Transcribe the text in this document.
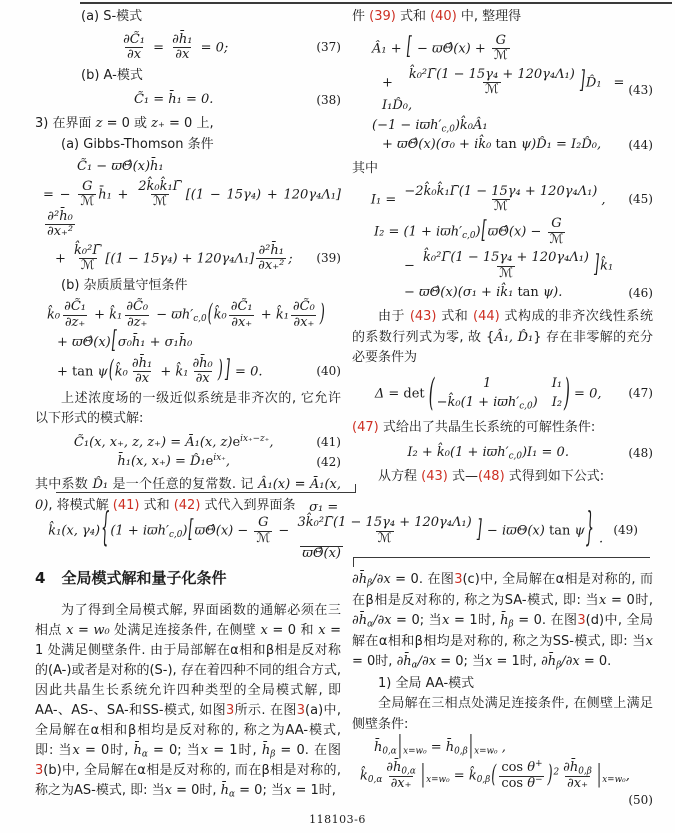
(a) S-模式
$\frac{\text{∂C̃₁}}{\partial x} = \frac{\text{∂h̄₁}}{\partial x} = 0$;	(37)
(b) A-模式
C̃₁ = h̄₁ = 0.	(38)
3) 在界面 z = 0 或 z₊ = 0 上,
(a) Gibbs-Thomson 条件
C̃₁ − ϖΘ̂(x)h̄₁
= −
G
ℳ h̄₁ +
2k̂₀k̂₁Γ̄
ℳ [(1 − 15γ₄) + 120γ₄Λ₁]
$\frac{\text{∂²h̄₀}}{\text{∂x₊²}}$
+
k̂₀²Γ̄
ℳ $[(1 - 15\gamma_4) + 120\gamma_4\Lambda_1] \frac{\text{∂²h̄₁}}{\text{∂x₊²}}$ ;	(39)
(b) 杂质质量守恒条件
k̂₀ $\frac{\text{∂C̃₁}}{\partial z_+}$ + k̂₁ $\frac{\text{∂C̃₀}}{\partial z_+}$ − $ϖh'_{c,0}(k̂_0 \frac{\text{∂C̃₁}}{\partial x_+}$ + k̂₁ $\frac{\text{∂C̃₀}}{\partial x_+}$ )
+ ϖΘ̂(x)[σ₀h̄₁ + σ₁h̄₀
+ tan ψ(k̂₀ $\frac{\text{∂h̄₁}}{\partial x}$ + k̂₁ $\frac{\text{∂h̄₀}}{\partial x}$ ) ] = 0.	(40)
上述浓度场的一级近似系统是非齐次的, 它允许以下形式的模式解:
C̃₁(x, x₊, z, z₊) = Ā₁(x, $z)e^{ix_+-z_+}$,	(41)
h̄₁(x, $x_+) = D̂_1e^{ix_+}$,	(42)
其中系数 D̂₁ 是一个任意的复常数. 记 Â₁(x) = Ā₁(x, 0), 将模式解 (41) 式和 (42) 式代入到界面条
件 (39) 式和 (40) 中, 整理得
Â₁ + [ − ϖΘ̂(x) +
G
ℳ
+
k̂₀²Γ̄(1 − 15γ₄ + 120γ₄Λ₁)
ℳ	]D̂₁ = I₁D̂₀,
(43)
$(-1 - iϖh'_{c,0})k̂_0Â_1$
+ ϖΘ̂(x)(σ₀ + ik̂₀ tan ψ)D̂₁ = I₂D̂₀,	(44)
其中
I₁ =
−2k̂₀k̂₁Γ̄(1 − 15γ₄ + 120γ₄Λ₁)
ℳ	,	(45)
$I_2 = (1 + iϖh'_{c,0})[ϖ\Thetâ(x)$ −
G
ℳ
−
k̂₀²Γ̄(1 − 15γ₄ + 120γ₄Λ₁)
ℳ	]k̂₁
− ϖΘ̂(x)(σ₁ + ik̂₁ tan ψ).	(46)
由于 (43) 式和 (44) 式构成的非齐次线性系统的系数行列式为零, 故 {Â₁, D̂₁} 存在非零解的充分必要条件为
Δ = det (	1	I₁
−k̂₀(1 + $iϖh'_{c,0}$) I₂ ) = 0,	(47)
(47) 式给出了共晶生长系统的可解性条件:
I₂ + k̂₀(1 + $iϖh'_{c,0})I_1 = 0$.	(48)
从方程 (43) 式—(48) 式得到如下公式:
σ₁ =
k̂₁(x, $\gamma_4)\{(1 + iϖh'_{c,0})[ϖ\Thetâ(x)$ −
G
ℳ −
3k̂₀²Γ̄(1 − 15γ₄ + 120γ₄Λ₁)
ℳ	] − iϖΘ(x) tan ψ}
ϖΘ̂(x)
.
(49)
4 全局模式解和量子化条件
为了得到全局模式解, 界面函数的通解必须在三相点 x = w₀ 处满足连接条件, 在侧壁 x = 0 和 x = 1 处满足侧壁条件. 由于局部解在α相和β相是反对称的(A-)或者是对称的(S-), 存在着四种不同的组合方式, 因此共晶生长系统允许四种类型的全局模式解, 即AA-、AS-、SA-和SS-模式, 如图3所示. 在图3(a)中, 全局解在α相和β相均是反对称的, 称之为AA-模式, 即: 当x = 0时, $h̄_\alpha = 0$; 当x = 1时, $h̄_\beta = 0$. 在图3(b)中, 全局解在α相是反对称的, 而在β相是对称的, 称之为AS-模式, 即: 当x = 0时, $h̄_\alpha = 0$; 当x = 1时,
$\partial h̄_\beta/\partial x = 0$. 在图3(c)中, 全局解在α相是对称的, 而在β相是反对称的, 称之为SA-模式, 即: 当x = 0时, $\partial h̄_\alpha/\partial x = 0$; 当x = 1时, $h̄_\beta = 0$. 在图3(d)中, 全局解在α相和β相均是对称的, 称之为SS-模式, 即: 当x = 0时, $\partial h̄_\alpha/\partial x = 0$; 当x = 1时, $\partial h̄_\beta/\partial x = 0$.
1) 全局 AA-模式
全局解在三相点处满足连接条件, 在侧壁上满足侧壁条件:
$h̄_{0,\alpha}|_{x=w_0}$ = $h̄_{0,\beta}|_{x=w_0}$ ,
$k̂_{0,\alpha} \frac{\partial h̄_{0,\alpha}}{\partial x_+} |_{x=w_0}$ = $k̂_{0,\beta}( \frac{\cos \theta^+}{\cos \theta^-} )^2 \frac{\partial h̄_{0,\beta}}{\partial x_+} |_{x=w_0}$,
(50)
118103-6
